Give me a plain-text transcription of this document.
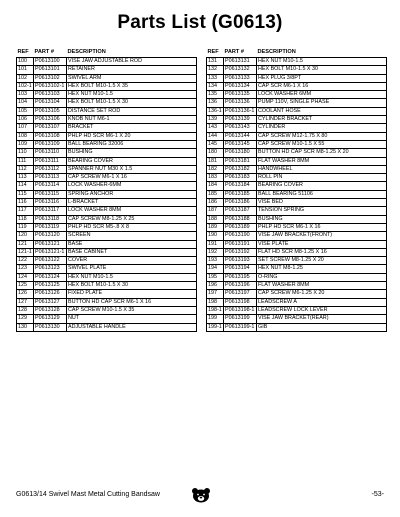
Parts List (G0613)
REF	PART #	DESCRIPTION
100	P0613100	VISE JAW ADJUSTABLE ROD
101	P0613101	RETAINER
102	P0613102	SWIVEL ARM
102-1	P0613102-1	HEX BOLT M10-1.5 X 35
103	P0613103	HEX NUT M10-1.5
104	P0613104	HEX BOLT M10-1.5 X 30
105	P0613105	DISTANCE SET ROD
106	P0613106	KNOB NUT M6-1
107	P0613107	BRACKET
108	P0613108	PHLP HD SCR M6-1 X 20
109	P0613109	BALL BEARING 32006
110	P0613110	BUSHING
111	P0613111	BEARING COVER
112	P0613112	SPANNER NUT M30 X 1.5
113	P0613113	CAP SCREW M6-1 X 16
114	P0613114	LOCK WASHER-6MM
115	P0613115	SPRING ANCHOR
116	P0613116	L-BRACKET
117	P0613117	LOCK WASHER 8MM
118	P0613118	CAP SCREW M8-1.25 X 25
119	P0613119	PHLP HD SCR M5-.8 X 8
120	P0613120	SCREEN
121	P0613121	BASE
121-1	P0613121-1	BASE CABINET
122	P0613122	COVER
123	P0613123	SWIVEL PLATE
124	P0613124	HEX NUT M10-1.5
125	P0613125	HEX BOLT M10-1.5 X 30
126	P0613126	FIXED PLATE
127	P0613127	BUTTON HD CAP SCR M6-1 X 16
128	P0613128	CAP SCREW M10-1.5 X 35
129	P0613129	NUT
130	P0613130	ADJUSTABLE HANDLE
REF	PART #	DESCRIPTION
131	P0613131	HEX NUT M10-1.5
132	P0613132	HEX BOLT M10-1.5 X 30
133	P0613133	HEX PLUG 3/8PT
134	P0613134	CAP SCR M6-1 X 16
135	P0613135	LOCK WASHER 6MM
136	P0613136	PUMP 110V, SINGLE PHASE
136-1	P0613136-1	COOLANT HOSE
139	P0613139	CYLINDER BRACKET
143	P0613143	CYLINDER
144	P0613144	CAP SCREW M12-1.75 X 80
145	P0613145	CAP SCREW M10-1.5 X 55
180	P0613180	BUTTON HD CAP SCR M8-1.25 X 20
181	P0613181	FLAT WASHER 8MM
182	P0613182	HANDWHEEL
183	P0613183	ROLL PIN
184	P0613184	BEARING COVER
185	P0613185	BALL BEARING 51106
186	P0613186	VISE BED
187	P0613187	TENSION SPRING
188	P0613188	BUSHING
189	P0613189	PHLP HD SCR M6-1 X 16
190	P0613190	VISE JAW BRACKET(FRONT)
191	P0613191	VISE PLATE
192	P0613192	FLAT HD SCR M8-1.25 X 16
193	P0613193	SET SCREW M8-1.25 X 20
194	P0613194	HEX NUT M8-1.25
195	P0613195	O-RING
196	P0613196	FLAT WASHER 8MM
197	P0613197	CAP SCREW M6-1.25 X 20
198	P0613198	LEADSCREW A
198-1	P0613198-1	LEADSCREW LOCK LEVER
199	P0613199	VISE JAW BRACKET(REAR)
199-1	P0613199-1	GIB
G0613/14 Swivel Mast Metal Cutting Bandsaw	-53-
